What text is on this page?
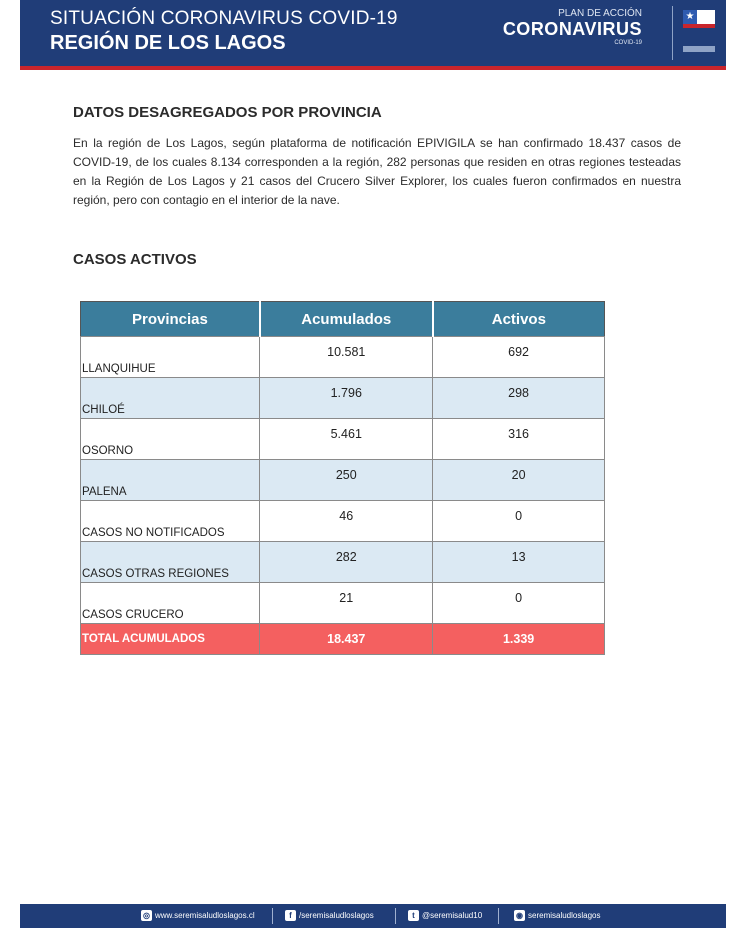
SITUACIÓN CORONAVIRUS COVID-19
REGIÓN DE LOS LAGOS
PLAN DE ACCIÓN
CORONAVIRUS
COVID-19
★
DATOS DESAGREGADOS POR PROVINCIA
En la región de Los Lagos, según plataforma de notificación EPIVIGILA se han confirmado 18.437 casos de COVID-19, de los cuales 8.134 corresponden a la región, 282 personas que residen en otras regiones testeadas en la Región de Los Lagos y 21 casos del Crucero Silver Explorer, los cuales fueron confirmados en nuestra región, pero con contagio en el interior de la nave.
CASOS ACTIVOS
Provincias	Acumulados	Activos
LLANQUIHUE	10.581	692
CHILOÉ	1.796	298
OSORNO	5.461	316
PALENA	250	20
CASOS NO NOTIFICADOS	46	0
CASOS OTRAS REGIONES	282	13
CASOS CRUCERO	21	0
TOTAL ACUMULADOS	18.437	1.339
◎ www.seremisaludloslagos.cl	f /seremisaludloslagos	t @seremisalud10	◉ seremisaludloslagos
